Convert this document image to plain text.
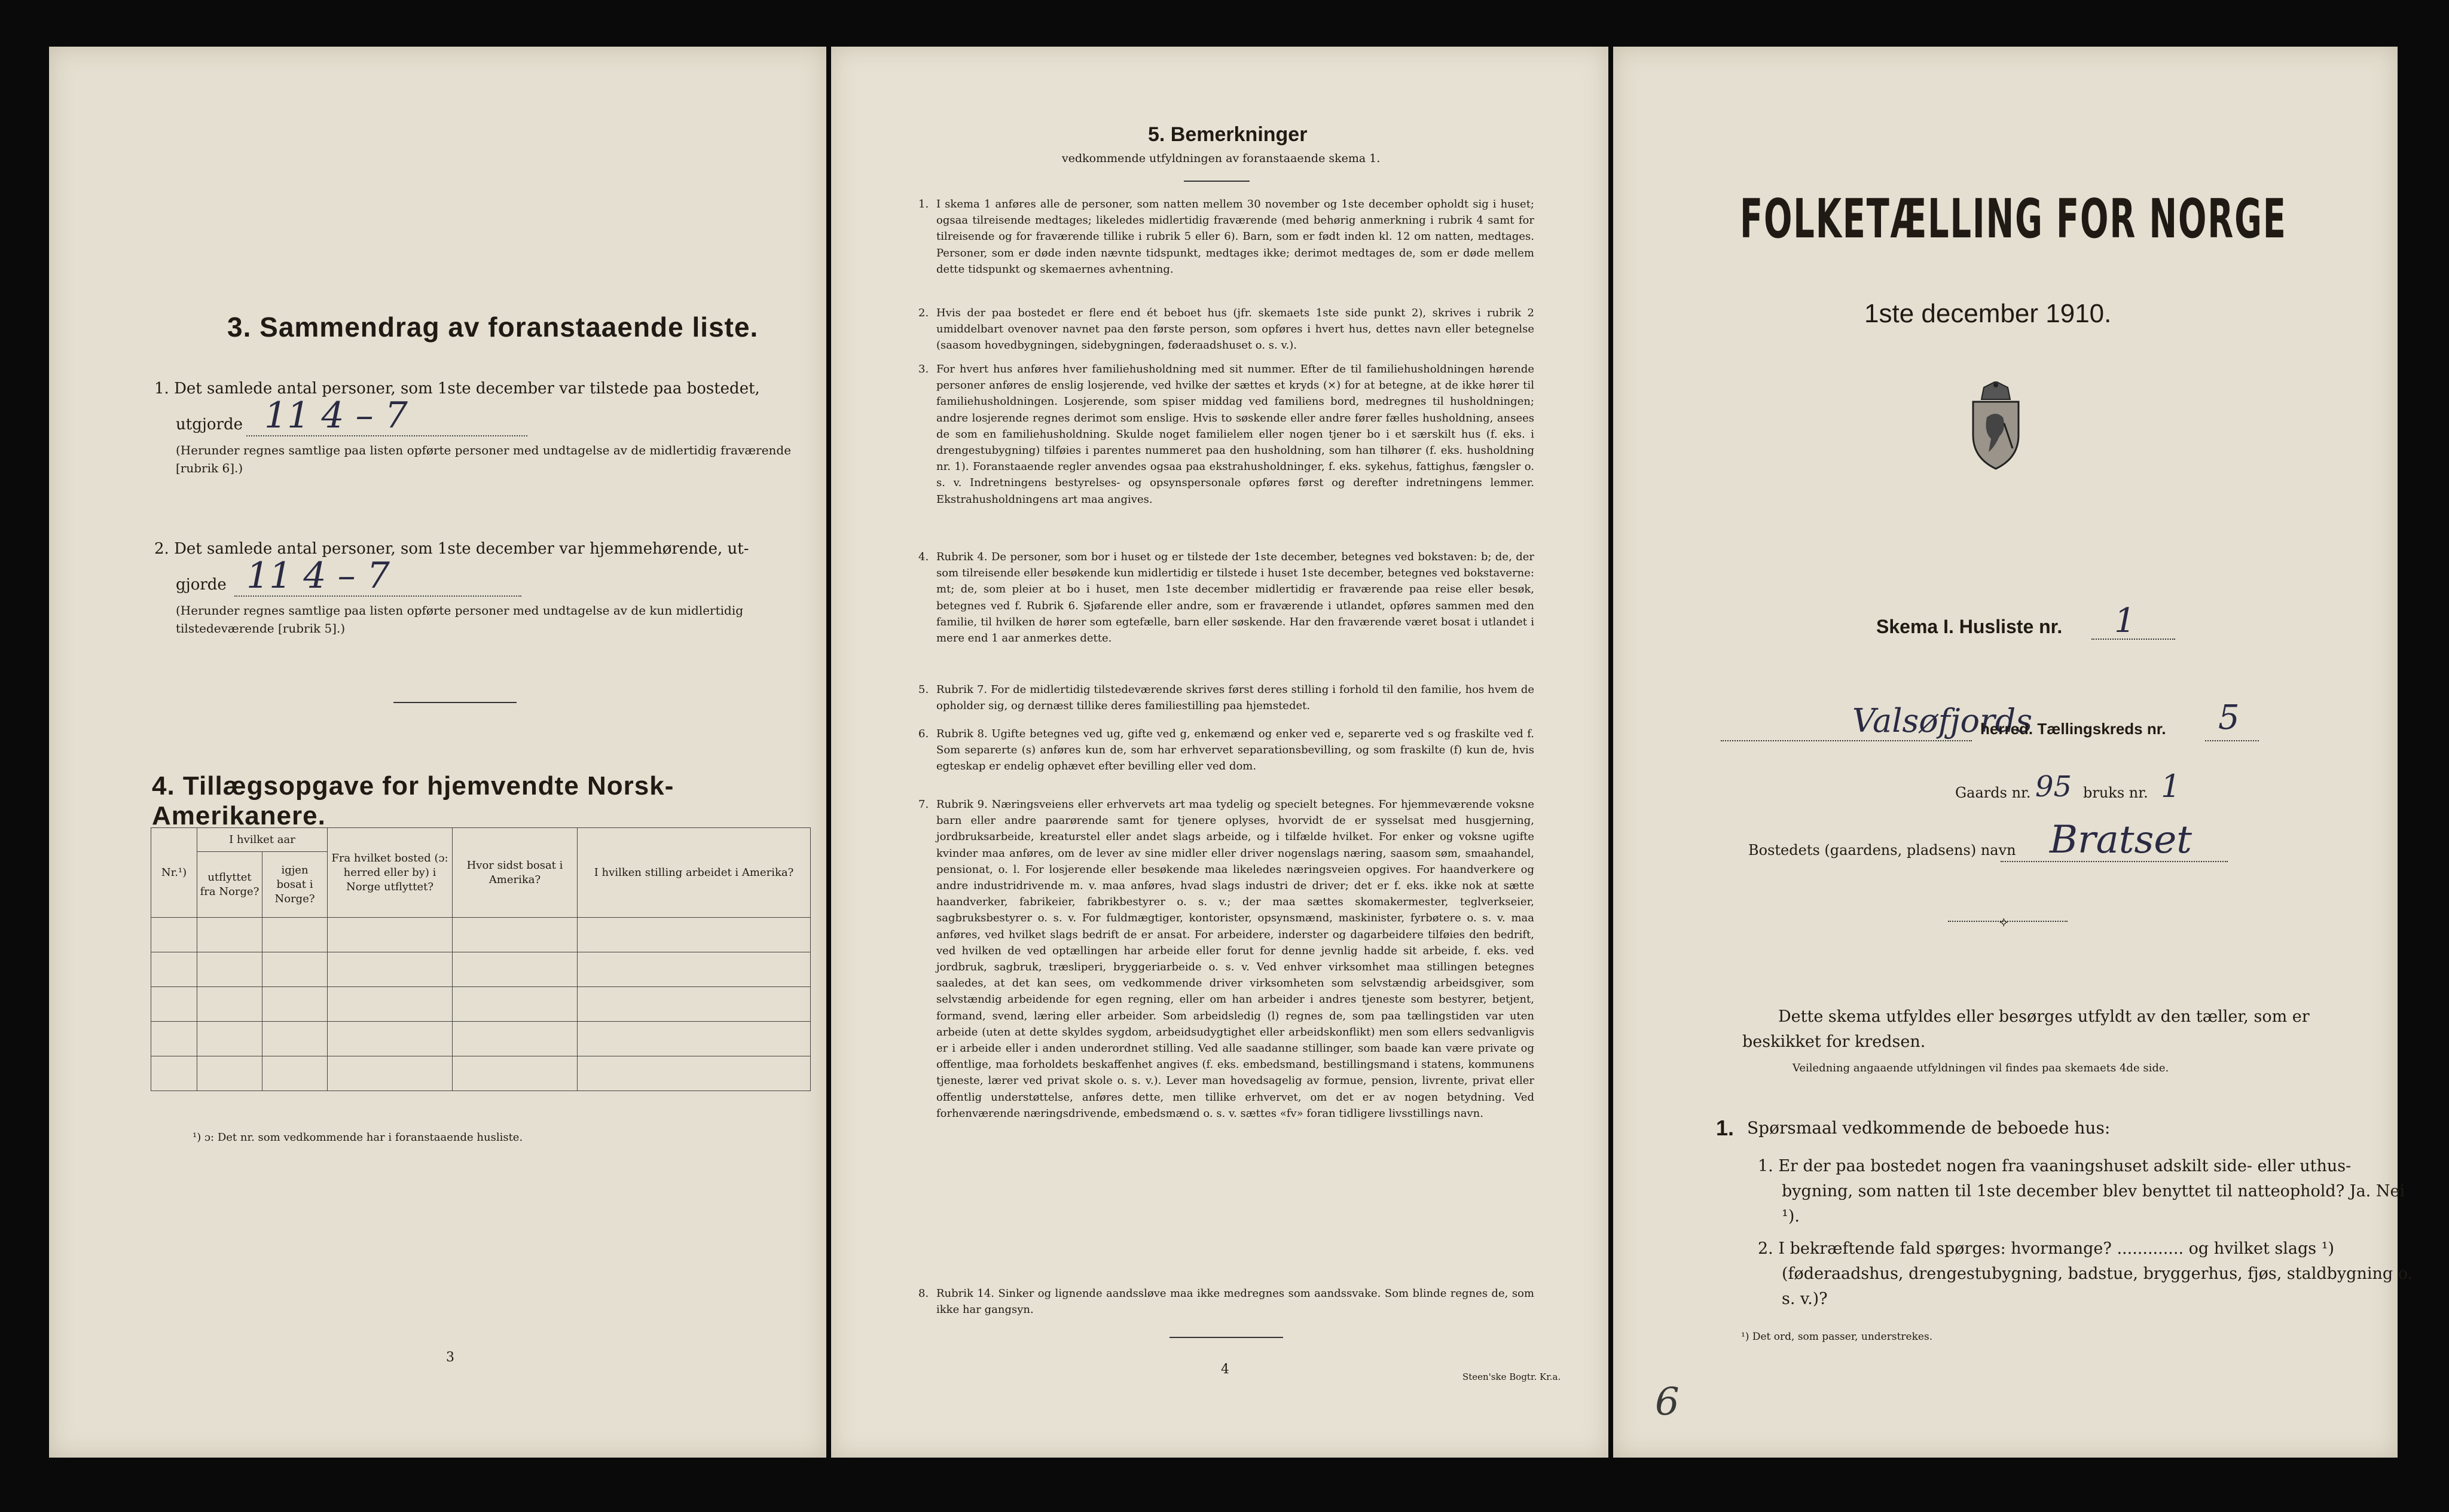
3. Sammendrag av foranstaaende liste.
1. Det samlede antal personer, som 1ste december var tilstede paa bostedet,
utgjorde 11 4 – 7
(Herunder regnes samtlige paa listen opførte personer med undtagelse av de midlertidig fraværende [rubrik 6].)
2. Det samlede antal personer, som 1ste december var hjemmehørende, ut-
gjorde 11 4 – 7
(Herunder regnes samtlige paa listen opførte personer med undtagelse av de kun midlertidig tilstedeværende [rubrik 5].)
4. Tillægsopgave for hjemvendte Norsk-Amerikanere.
Nr.¹)	I hvilket aar		Fra hvilket bosted (ɔ: herred eller by) i Norge utflyttet?	Hvor sidst bosat i Amerika?	I hvilken stilling arbeidet i Amerika?
	utflyttet fra Norge?	igjen bosat i Norge?			

¹) ɔ: Det nr. som vedkommende har i foranstaaende husliste.
3
5. Bemerkninger
vedkommende utfyldningen av foranstaaende skema 1.
1. I skema 1 anføres alle de personer, som natten mellem 30 november og 1ste december opholdt sig i huset; ogsaa tilreisende medtages; likeledes midlertidig fraværende (med behørig anmerkning i rubrik 4 samt for tilreisende og for fraværende tillike i rubrik 5 eller 6). Barn, som er født inden kl. 12 om natten, medtages. Personer, som er døde inden nævnte tidspunkt, medtages ikke; derimot medtages de, som er døde mellem dette tidspunkt og skemaernes avhentning.
2. Hvis der paa bostedet er flere end ét beboet hus (jfr. skemaets 1ste side punkt 2), skrives i rubrik 2 umiddelbart ovenover navnet paa den første person, som opføres i hvert hus, dettes navn eller betegnelse (saasom hovedbygningen, sidebygningen, føderaadshuset o. s. v.).
3. For hvert hus anføres hver familiehusholdning med sit nummer. Efter de til familiehusholdningen hørende personer anføres de enslig losjerende, ved hvilke der sættes et kryds (×) for at betegne, at de ikke hører til familiehusholdningen. Losjerende, som spiser middag ved familiens bord, medregnes til husholdningen; andre losjerende regnes derimot som enslige. Hvis to søskende eller andre fører fælles husholdning, ansees de som en familiehusholdning. Skulde noget familielem eller nogen tjener bo i et særskilt hus (f. eks. i drengestubygning) tilføies i parentes nummeret paa den husholdning, som han tilhører (f. eks. husholdning nr. 1). Foranstaaende regler anvendes ogsaa paa ekstrahusholdninger, f. eks. sykehus, fattighus, fængsler o. s. v. Indretningens bestyrelses- og opsynspersonale opføres først og derefter indretningens lemmer. Ekstrahusholdningens art maa angives.
4. Rubrik 4. De personer, som bor i huset og er tilstede der 1ste december, betegnes ved bokstaven: b; de, der som tilreisende eller besøkende kun midlertidig er tilstede i huset 1ste december, betegnes ved bokstaverne: mt; de, som pleier at bo i huset, men 1ste december midlertidig er fraværende paa reise eller besøk, betegnes ved f. Rubrik 6. Sjøfarende eller andre, som er fraværende i utlandet, opføres sammen med den familie, til hvilken de hører som egtefælle, barn eller søskende. Har den fraværende været bosat i utlandet i mere end 1 aar anmerkes dette.
5. Rubrik 7. For de midlertidig tilstedeværende skrives først deres stilling i forhold til den familie, hos hvem de opholder sig, og dernæst tillike deres familiestilling paa hjemstedet.
6. Rubrik 8. Ugifte betegnes ved ug, gifte ved g, enkemænd og enker ved e, separerte ved s og fraskilte ved f. Som separerte (s) anføres kun de, som har erhvervet separationsbevilling, og som fraskilte (f) kun de, hvis egteskap er endelig ophævet efter bevilling eller ved dom.
7. Rubrik 9. Næringsveiens eller erhvervets art maa tydelig og specielt betegnes. For hjemmeværende voksne barn eller andre paarørende samt for tjenere oplyses, hvorvidt de er sysselsat med husgjerning, jordbruksarbeide, kreaturstel eller andet slags arbeide, og i tilfælde hvilket. For enker og voksne ugifte kvinder maa anføres, om de lever av sine midler eller driver nogenslags næring, saasom søm, smaahandel, pensionat, o. l. For losjerende eller besøkende maa likeledes næringsveien opgives. For haandverkere og andre industridrivende m. v. maa anføres, hvad slags industri de driver; det er f. eks. ikke nok at sætte haandverker, fabrikeier, fabrikbestyrer o. s. v.; der maa sættes skomakermester, teglverkseier, sagbruksbestyrer o. s. v. For fuldmægtiger, kontorister, opsynsmænd, maskinister, fyrbøtere o. s. v. maa anføres, ved hvilket slags bedrift de er ansat. For arbeidere, inderster og dagarbeidere tilføies den bedrift, ved hvilken de ved optællingen har arbeide eller forut for denne jevnlig hadde sit arbeide, f. eks. ved jordbruk, sagbruk, træsliperi, bryggeriarbeide o. s. v. Ved enhver virksomhet maa stillingen betegnes saaledes, at det kan sees, om vedkommende driver virksomheten som selvstændig arbeidsgiver, som selvstændig arbeidende for egen regning, eller om han arbeider i andres tjeneste som bestyrer, betjent, formand, svend, læring eller arbeider. Som arbeidsledig (l) regnes de, som paa tællingstiden var uten arbeide (uten at dette skyldes sygdom, arbeidsudygtighet eller arbeidskonflikt) men som ellers sedvanligvis er i arbeide eller i anden underordnet stilling. Ved alle saadanne stillinger, som baade kan være private og offentlige, maa forholdets beskaffenhet angives (f. eks. embedsmand, bestillingsmand i statens, kommunens tjeneste, lærer ved privat skole o. s. v.). Lever man hovedsagelig av formue, pension, livrente, privat eller offentlig understøttelse, anføres dette, men tillike erhvervet, om det er av nogen betydning. Ved forhenværende næringsdrivende, embedsmænd o. s. v. sættes «fv» foran tidligere livsstillings navn.
8. Rubrik 14. Sinker og lignende aandssløve maa ikke medregnes som aandssvake. Som blinde regnes de, som ikke har gangsyn.
4	Steen'ske Bogtr. Kr.a.
FOLKETÆLLING FOR NORGE
1ste december 1910.
Skema I. Husliste nr. 1
Valsøfjords
herred. Tællingskreds nr. 5
Gaards nr. 95 bruks nr. 1
Bostedets (gaardens, pladsens) navn Bratset
⟡
Dette skema utfyldes eller besørges utfyldt av den tæller, som er beskikket for kredsen.
Veiledning angaaende utfyldningen vil findes paa skemaets 4de side.
1. Spørsmaal vedkommende de beboede hus:
1. Er der paa bostedet nogen fra vaaningshuset adskilt side- eller uthus-bygning, som natten til 1ste december blev benyttet til natteophold? Ja. Nei ¹).
2. I bekræftende fald spørges: hvormange? ............. og hvilket slags ¹) (føderaadshus, drengestubygning, badstue, bryggerhus, fjøs, staldbygning o. s. v.)?
¹) Det ord, som passer, understrekes.
6
